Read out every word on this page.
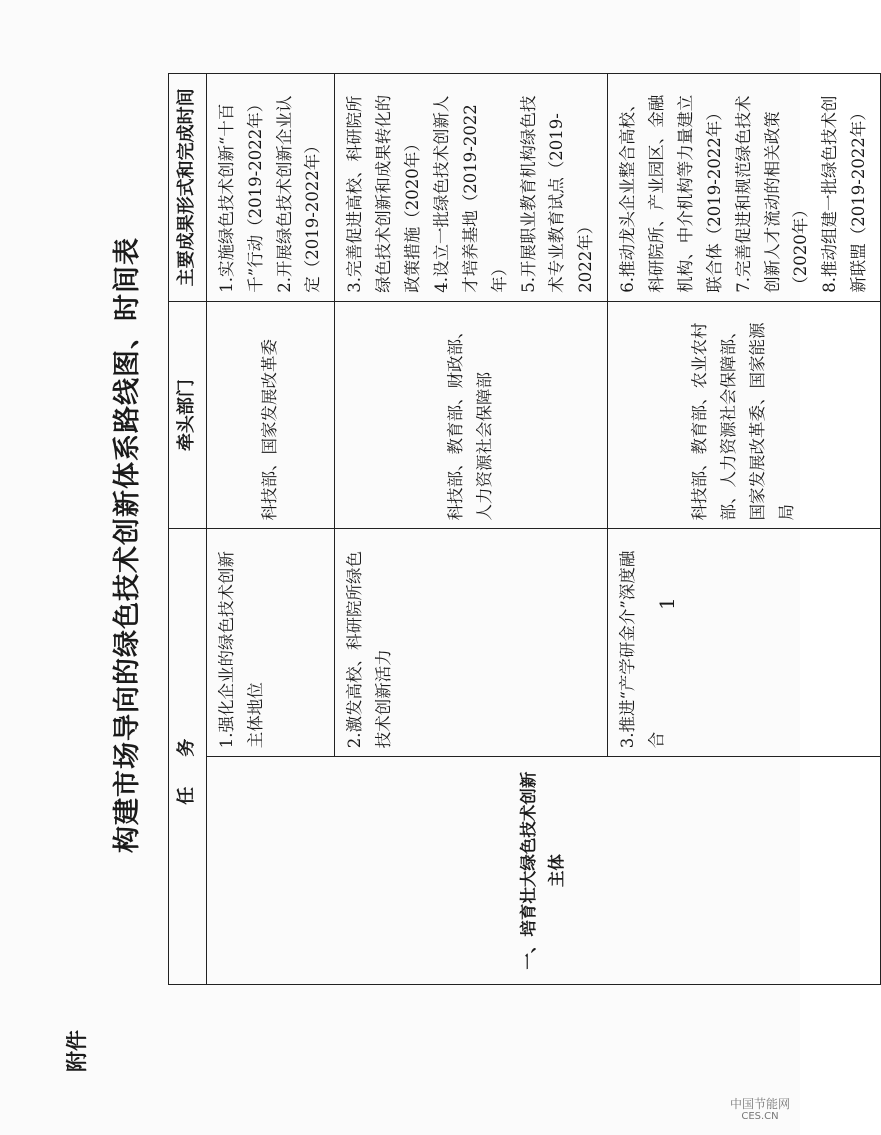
附件
构建市场导向的绿色技术创新体系路线图、时间表 任务		牵头部门	主要成果形式和完成时间
一、培育壮大绿色技术创新主体	1.强化企业的绿色技术创新主体地位	科技部、国家发展改革委	1.实施绿色技术创新“十百千”行动（2019-2022年） 2.开展绿色技术创新企业认定（2019-2022年）

	2.激发高校、科研院所绿色技术创新活力	科技部、教育部、财政部、人力资源社会保障部	3.完善促进高校、科研院所绿色技术创新和成果转化的政策措施（2020年） 4.设立一批绿色技术创新人才培养基地（2019-2022年） 5.开展职业教育机构绿色技术专业教育试点（2019-2022年）

	3.推进“产学研金介”深度融合	科技部、教育部、农业农村部、人力资源社会保障部、国家发展改革委、国家能源局	6.推动龙头企业整合高校、科研院所、产业园区、金融机构、中介机构等力量建立联合体（2019-2022年） 7.完善促进和规范绿色技术创新人才流动的相关政策（2020年） 8.推动组建一批绿色技术创新联盟（2019-2022年）

1
中国节能网
CES.CN
